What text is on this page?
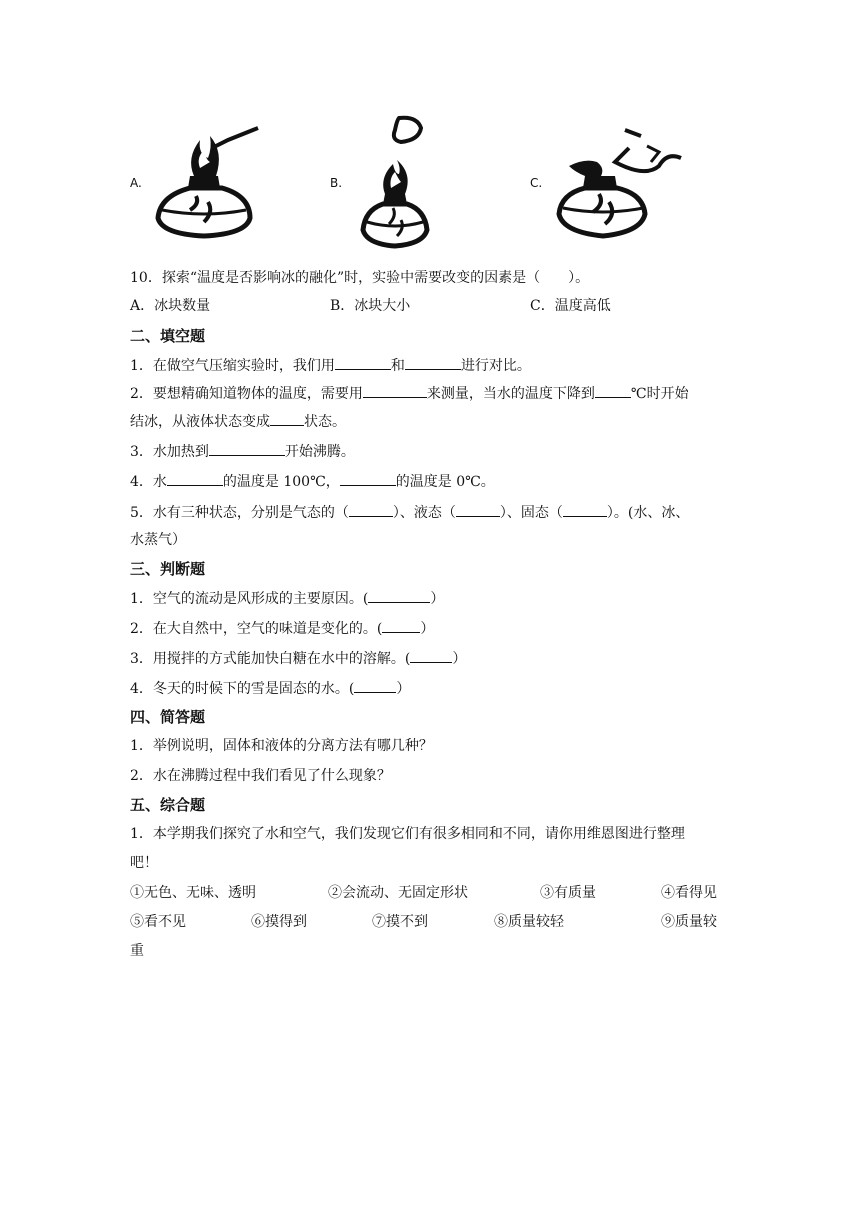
A.	B.	C.
10．探索“温度是否影响冰的融化”时，实验中需要改变的因素是（　　）。
A．冰块数量	B．冰块大小	C．温度高低
二、填空题
1．在做空气压缩实验时，我们用	和	进行对比。
2．要想精确知道物体的温度，需要用	来测量，当水的温度下降到	℃时开始
结冰，从液体状态变成 状态。
3．水加热到	开始沸腾。
4．水	的温度是 100℃，	的温度是 0℃。
5．水有三种状态，分别是气态的（	）、液态（	）、固态（	）。(水、冰、
水蒸气）
三、判断题
1．空气的流动是风形成的主要原因。(	）
2．在大自然中，空气的味道是变化的。(	）
3．用搅拌的方式能加快白糖在水中的溶解。(	）
4．冬天的时候下的雪是固态的水。(	）
四、简答题
1．举例说明，固体和液体的分离方法有哪几种？
2．水在沸腾过程中我们看见了什么现象？
五、综合题
1．本学期我们探究了水和空气，我们发现它们有很多相同和不同，请你用维恩图进行整理
吧！
①无色、无味、透明	②会流动、无固定形状	③有质量	④看得见
⑤看不见	⑥摸得到	⑦摸不到	⑧质量较轻	⑨质量较
重
